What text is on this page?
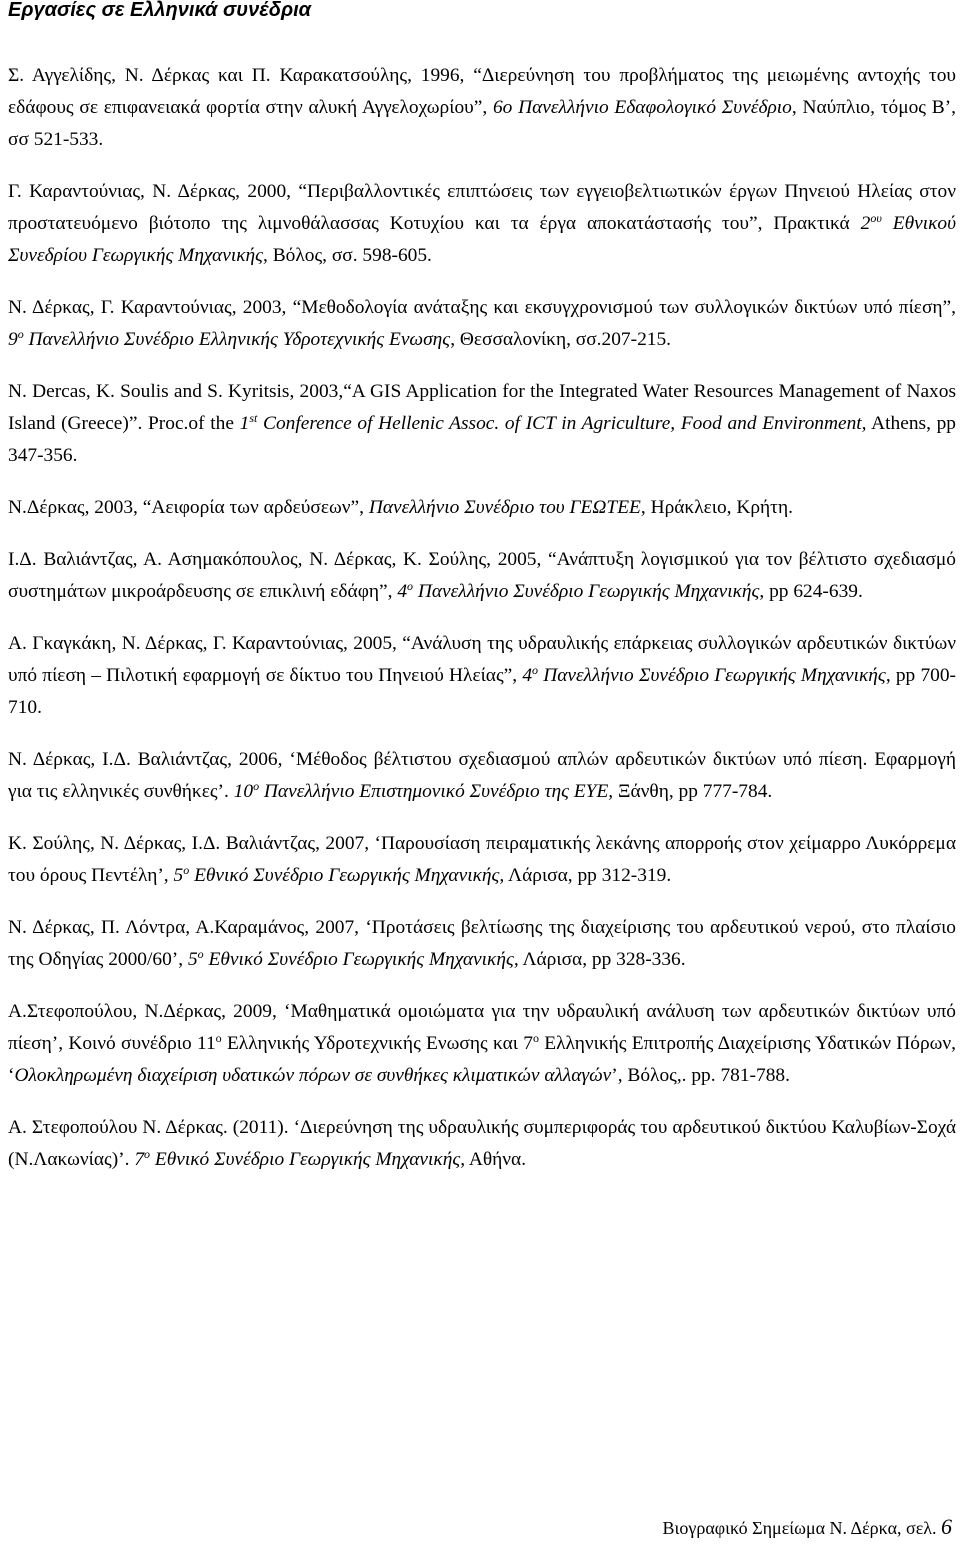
Εργασίες σε Ελληνικά συνέδρια

Σ. Αγγελίδης, Ν. Δέρκας και Π. Καρακατσούλης, 1996, “Διερεύνηση του προβλήματος της μειωμένης αντοχής του εδάφους σε επιφανειακά φορτία στην αλυκή Αγγελοχωρίου”, 6ο Πανελλήνιο Εδαφολογικό Συνέδριο, Ναύπλιο, τόμος Β’, σσ 521-533.

Γ. Καραντούνιας, Ν. Δέρκας, 2000, “Περιβαλλοντικές επιπτώσεις των εγγειοβελτιωτικών έργων Πηνειού Ηλείας στον προστατευόμενο βιότοπο της λιμνοθάλασσας Κοτυχίου και τα έργα αποκατάστασής του”, Πρακτικά $2^{o\upsilon}$ Εθνικού Συνεδρίου Γεωργικής Μηχανικής, Βόλος, σσ. 598-605.

Ν. Δέρκας, Γ. Καραντούνιας, 2003, “Μεθοδολογία ανάταξης και εκσυγχρονισμού των συλλογικών δικτύων υπό πίεση”, $9^o$ Πανελλήνιο Συνέδριο Ελληνικής Υδροτεχνικής Ενωσης, Θεσσαλονίκη, σσ.207-215.

N. Dercas, K. Soulis and S. Kyritsis, 2003,“A GIS Application for the Integrated Water Resources Management of Naxos Island (Greece)”. Proc.of the 1st Conference of Hellenic Assoc. of ICT in Agriculture, Food and Environment, Athens, pp 347-356.

Ν.Δέρκας, 2003, “Αειφορία των αρδεύσεων”, Πανελλήνιο Συνέδριο του ΓΕΩΤΕΕ, Ηράκλειο, Κρήτη.

Ι.Δ. Βαλιάντζας, Α. Ασημακόπουλος, Ν. Δέρκας, Κ. Σούλης, 2005, “Ανάπτυξη λογισμικού για τον βέλτιστο σχεδιασμό συστημάτων μικροάρδευσης σε επικλινή εδάφη”, $4^o$ Πανελλήνιο Συνέδριο Γεωργικής Μηχανικής, pp 624-639.

Α. Γκαγκάκη, Ν. Δέρκας, Γ. Καραντούνιας, 2005, “Ανάλυση της υδραυλικής επάρκειας συλλογικών αρδευτικών δικτύων υπό πίεση – Πιλοτική εφαρμογή σε δίκτυο του Πηνειού Ηλείας”, $4^o$ Πανελλήνιο Συνέδριο Γεωργικής Μηχανικής, pp 700-710.

Ν. Δέρκας, Ι.Δ. Βαλιάντζας, 2006, ‘Μέθοδος βέλτιστου σχεδιασμού απλών αρδευτικών δικτύων υπό πίεση. Εφαρμογή για τις ελληνικές συνθήκες’. $10^o$ Πανελλήνιο Επιστημονικό Συνέδριο της ΕΥΕ, Ξάνθη, pp 777-784.

Κ. Σούλης, Ν. Δέρκας, Ι.Δ. Βαλιάντζας, 2007, ‘Παρουσίαση πειραματικής λεκάνης απορροής στον χείμαρρο Λυκόρρεμα του όρους Πεντέλη’, $5^o$ Εθνικό Συνέδριο Γεωργικής Μηχανικής, Λάρισα, pp 312-319.

Ν. Δέρκας, Π. Λόντρα, Α.Καραμάνος, 2007, ‘Προτάσεις βελτίωσης της διαχείρισης του αρδευτικού νερού, στο πλαίσιο της Οδηγίας 2000/60’, $5^o$ Εθνικό Συνέδριο Γεωργικής Μηχανικής, Λάρισα, pp 328-336.

Α.Στεφοπούλου, Ν.Δέρκας, 2009, ‘Μαθηματικά ομοιώματα για την υδραυλική ανάλυση των αρδευτικών δικτύων υπό πίεση’, Κοινό συνέδριο $11^o$ Ελληνικής Υδροτεχνικής Ενωσης και $7^o$ Ελληνικής Επιτροπής Διαχείρισης Υδατικών Πόρων, ‘Ολοκληρωμένη διαχείριση υδατικών πόρων σε συνθήκες κλιματικών αλλαγών’, Βόλος,. pp. 781-788.

Α. Στεφοπούλου Ν. Δέρκας. (2011). ‘Διερεύνηση της υδραυλικής συμπεριφοράς του αρδευτικού δικτύου Καλυβίων-Σοχά (Ν.Λακωνίας)’. $7^o$ Εθνικό Συνέδριο Γεωργικής Μηχανικής, Αθήνα.

Βιογραφικό Σημείωμα Ν. Δέρκα, σελ. 6
